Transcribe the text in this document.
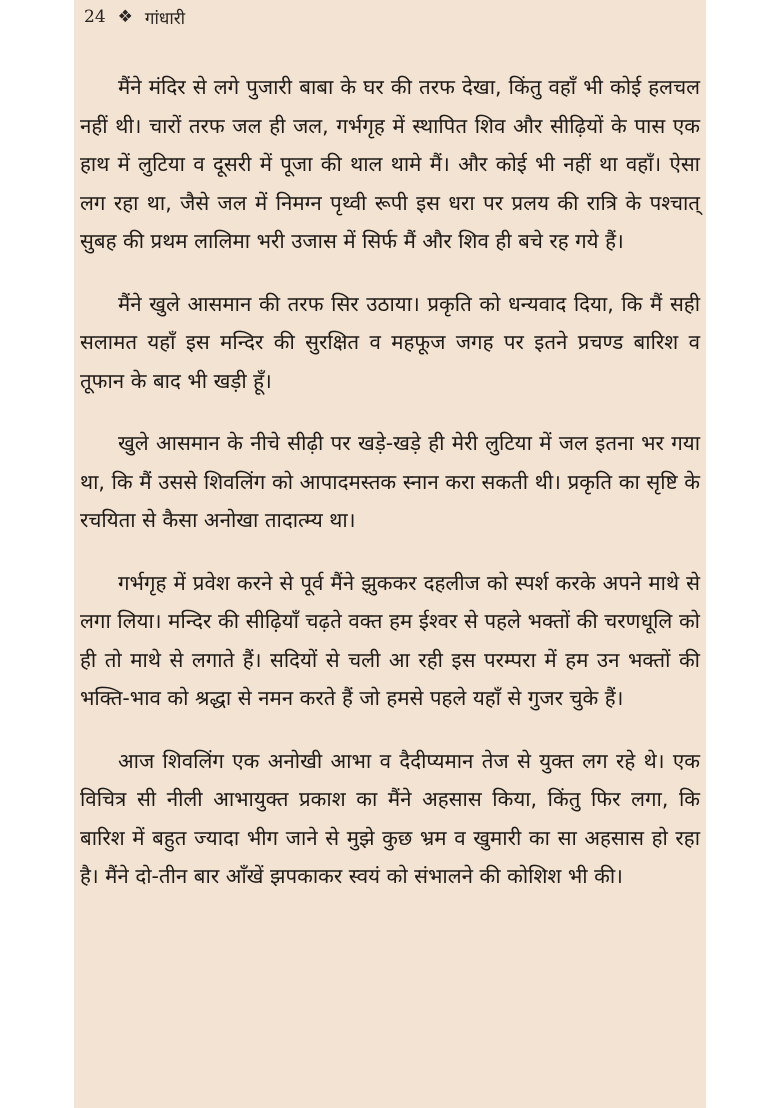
24 ❖ गांधारी

मैंने मंदिर से लगे पुजारी बाबा के घर की तरफ देखा, किंतु वहाँ भी कोई हलचल नहीं थी। चारों तरफ जल ही जल, गर्भगृह में स्थापित शिव और सीढ़ियों के पास एक हाथ में लुटिया व दूसरी में पूजा की थाल थामे मैं। और कोई भी नहीं था वहाँ। ऐसा लग रहा था, जैसे जल में निमग्न पृथ्वी रूपी इस धरा पर प्रलय की रात्रि के पश्चात् सुबह की प्रथम लालिमा भरी उजास में सिर्फ मैं और शिव ही बचे रह गये हैं।

मैंने खुले आसमान की तरफ सिर उठाया। प्रकृति को धन्यवाद दिया, कि मैं सही सलामत यहाँ इस मन्दिर की सुरक्षित व महफूज जगह पर इतने प्रचण्ड बारिश व तूफान के बाद भी खड़ी हूँ।

खुले आसमान के नीचे सीढ़ी पर खड़े-खड़े ही मेरी लुटिया में जल इतना भर गया था, कि मैं उससे शिवलिंग को आपादमस्तक स्नान करा सकती थी। प्रकृति का सृष्टि के रचयिता से कैसा अनोखा तादात्म्य था।

गर्भगृह में प्रवेश करने से पूर्व मैंने झुककर दहलीज को स्पर्श करके अपने माथे से लगा लिया। मन्दिर की सीढ़ियाँ चढ़ते वक्त हम ईश्वर से पहले भक्तों की चरणधूलि को ही तो माथे से लगाते हैं। सदियों से चली आ रही इस परम्परा में हम उन भक्तों की भक्ति-भाव को श्रद्धा से नमन करते हैं जो हमसे पहले यहाँ से गुजर चुके हैं।

आज शिवलिंग एक अनोखी आभा व दैदीप्यमान तेज से युक्त लग रहे थे। एक विचित्र सी नीली आभायुक्त प्रकाश का मैंने अहसास किया, किंतु फिर लगा, कि बारिश में बहुत ज्यादा भीग जाने से मुझे कुछ भ्रम व खुमारी का सा अहसास हो रहा है। मैंने दो-तीन बार आँखें झपकाकर स्वयं को संभालने की कोशिश भी की।
